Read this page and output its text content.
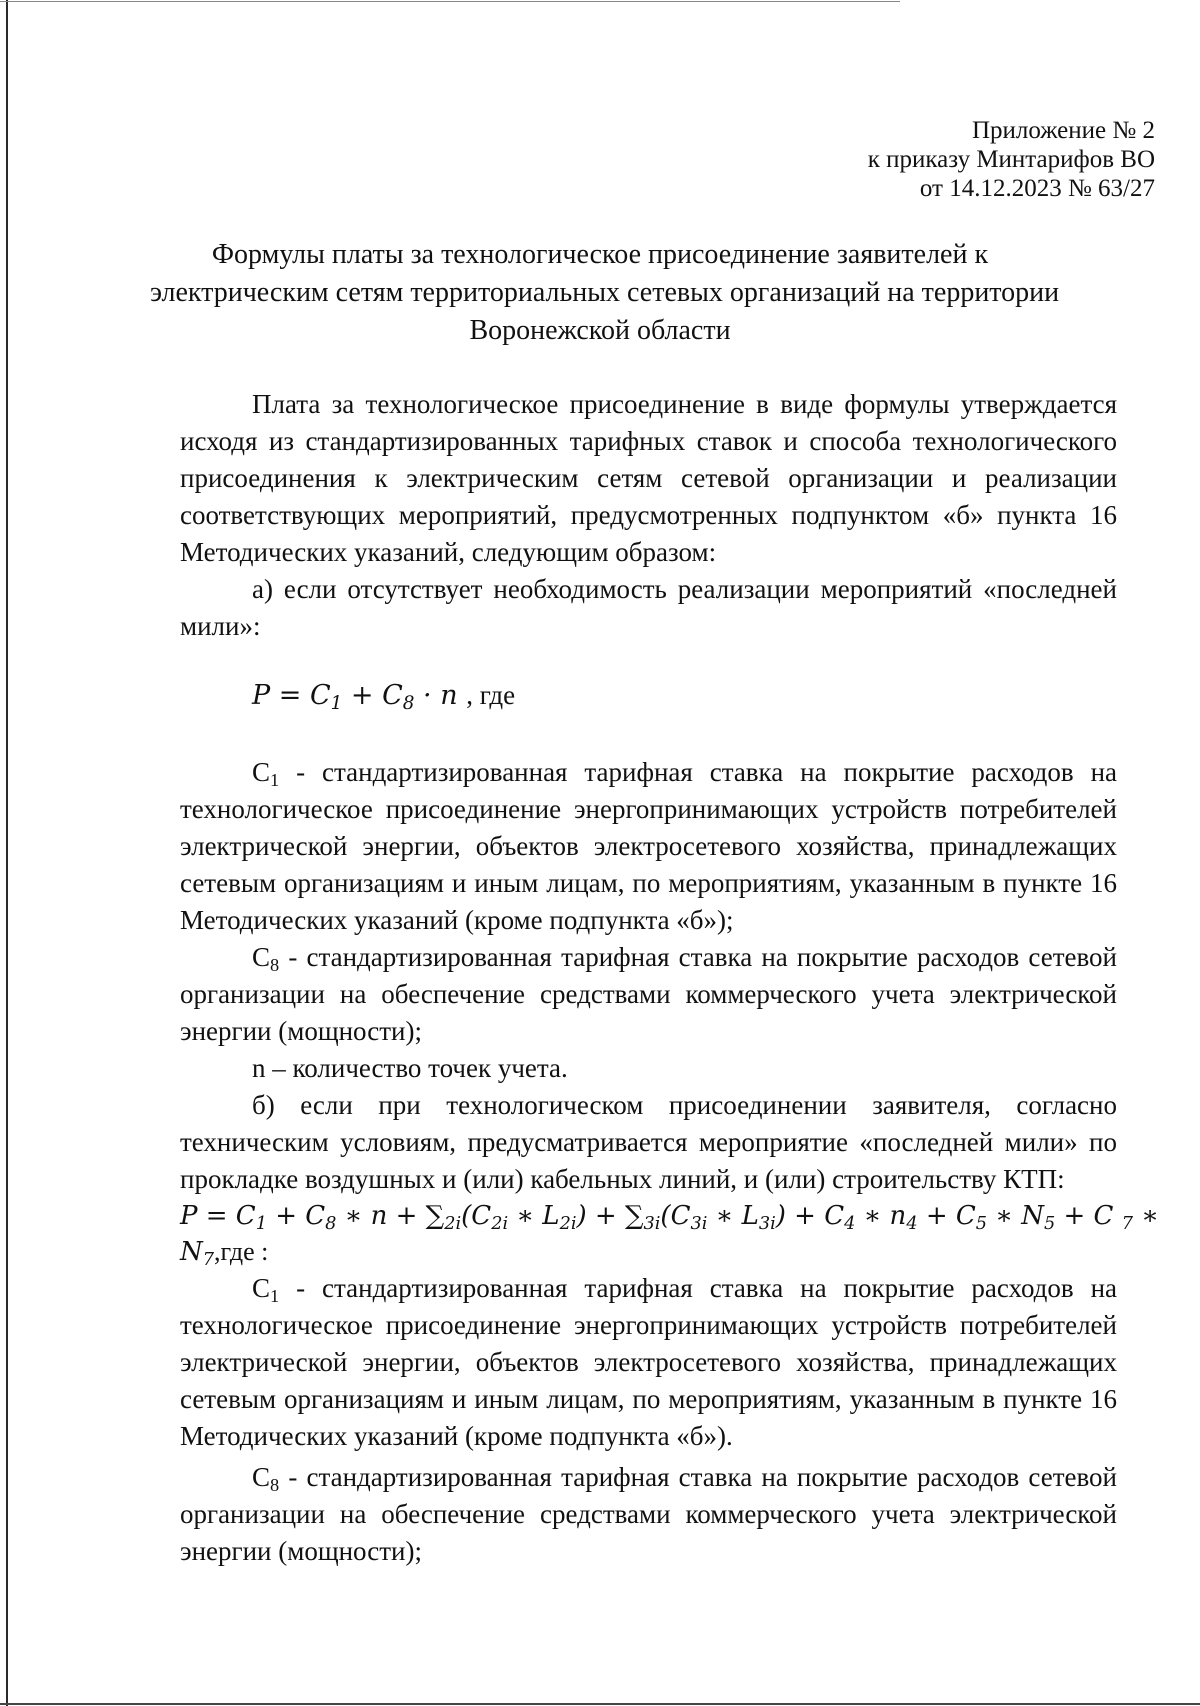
Приложение № 2
к приказу Минтарифов ВО
от 14.12.2023 № 63/27
Формулы платы за технологическое присоединение заявителей к
электрическим сетям территориальных сетевых организаций на территории
Воронежской области

Плата за технологическое присоединение в виде формулы утверждается исходя из стандартизированных тарифных ставок и способа технологического присоединения к электрическим сетям сетевой организации и реализации соответствующих мероприятий, предусмотренных подпунктом «б» пункта 16 Методических указаний, следующим образом:

а) если отсутствует необходимость реализации мероприятий «последней мили»:

$P = C_1 + C_8 \cdot n$ , где

$C_1$ - стандартизированная тарифная ставка на покрытие расходов на технологическое присоединение энергопринимающих устройств потребителей электрической энергии, объектов электросетевого хозяйства, принадлежащих сетевым организациям и иным лицам, по мероприятиям, указанным в пункте 16 Методических указаний (кроме подпункта «б»);

$C_8$ - стандартизированная тарифная ставка на покрытие расходов сетевой организации на обеспечение средствами коммерческого учета электрической энергии (мощности);

n – количество точек учета.

б) если при технологическом присоединении заявителя, согласно техническим условиям, предусматривается мероприятие «последней мили» по прокладке воздушных и (или) кабельных линий, и (или) строительству КТП:

$P = C_1 + C_8$ ∗ $n + \sum_{2i}(C_{2i}$ ∗ $L_{2i}) + \sum_{3i}(C_{3i}$ ∗ $L_{3i}) + C_4$ ∗ $n_4 + C_5$ ∗ $N_5 + C$ $_7$ ∗
$N_7,где$ :

$C_1$ - стандартизированная тарифная ставка на покрытие расходов на технологическое присоединение энергопринимающих устройств потребителей электрической энергии, объектов электросетевого хозяйства, принадлежащих сетевым организациям и иным лицам, по мероприятиям, указанным в пункте 16 Методических указаний (кроме подпункта «б»).

$C_8$ - стандартизированная тарифная ставка на покрытие расходов сетевой организации на обеспечение средствами коммерческого учета электрической энергии (мощности);
